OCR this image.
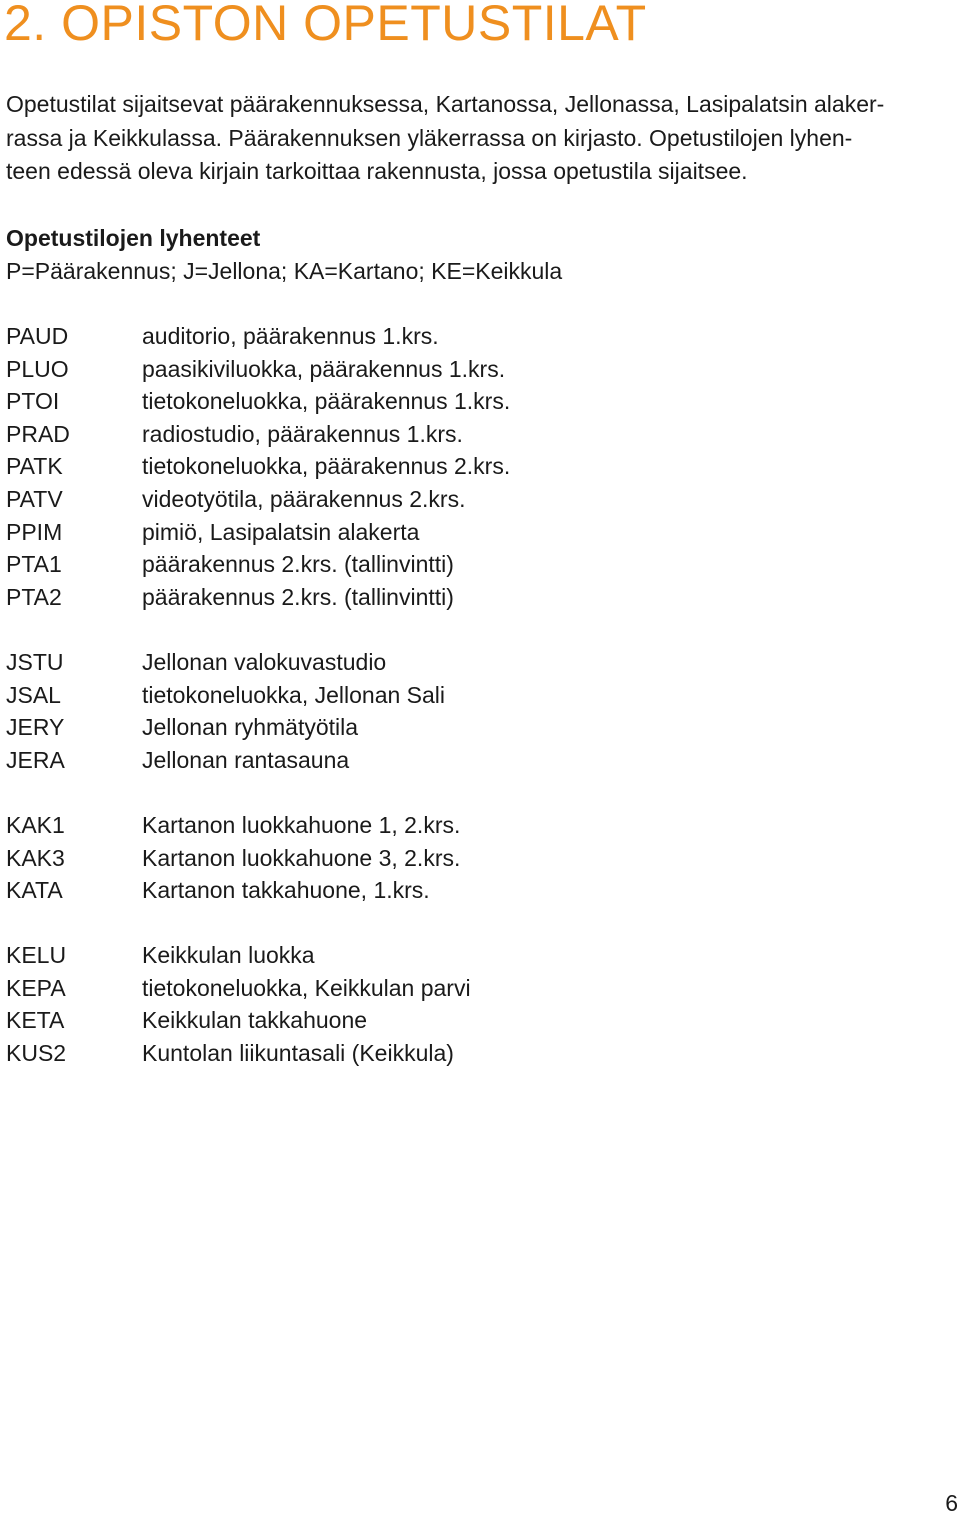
2. OPISTON OPETUSTILAT

Opetustilat sijaitsevat päärakennuksessa, Kartanossa, Jellonassa, Lasipalatsin alaker-
rassa ja Keikkulassa. Päärakennuksen yläkerrassa on kirjasto. Opetustilojen lyhen-
teen edessä oleva kirjain tarkoittaa rakennusta, jossa opetustila sijaitsee.

Opetustilojen lyhenteet

P=Päärakennus; J=Jellona; KA=Kartano; KE=Keikkula

PAUD	auditorio, päärakennus 1.krs.
PLUO	paasikiviluokka, päärakennus 1.krs.
PTOI	tietokoneluokka, päärakennus 1.krs.
PRAD	radiostudio, päärakennus 1.krs.
PATK	tietokoneluokka, päärakennus 2.krs.
PATV	videotyötila, päärakennus 2.krs.
PPIM	pimiö, Lasipalatsin alakerta
PTA1	päärakennus 2.krs. (tallinvintti)
PTA2	päärakennus 2.krs. (tallinvintti)
JSTU	Jellonan valokuvastudio
JSAL	tietokoneluokka, Jellonan Sali
JERY	Jellonan ryhmätyötila
JERA	Jellonan rantasauna
KAK1	Kartanon luokkahuone 1, 2.krs.
KAK3	Kartanon luokkahuone 3, 2.krs.
KATA	Kartanon takkahuone, 1.krs.
KELU	Keikkulan luokka
KEPA	tietokoneluokka, Keikkulan parvi
KETA	Keikkulan takkahuone
KUS2	Kuntolan liikuntasali (Keikkula)
6
